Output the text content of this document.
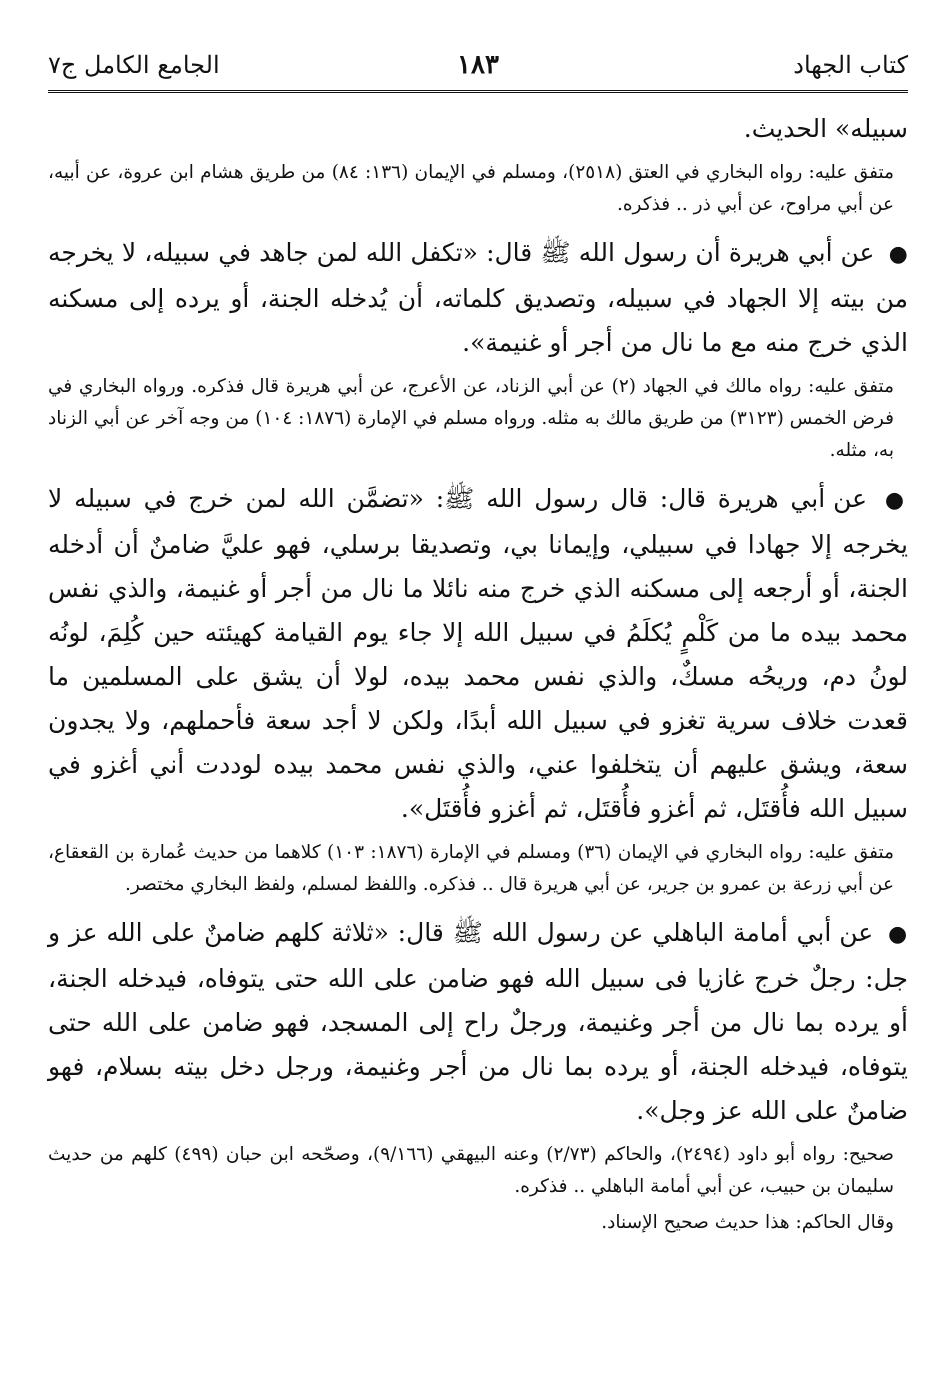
كتاب الجهاد
١٨٣
الجامع الكامل ج٧

سبيله» الحديث.

متفق عليه: رواه البخاري في العتق (٢٥١٨)، ومسلم في الإيمان (١٣٦: ٨٤) من طريق هشام ابن عروة، عن أبيه، عن أبي مراوح، عن أبي ذر .. فذكره.

● عن أبي هريرة أن رسول الله ﷺ قال: «تكفل الله لمن جاهد في سبيله، لا يخرجه من بيته إلا الجهاد في سبيله، وتصديق كلماته، أن يُدخله الجنة، أو يرده إلى مسكنه الذي خرج منه مع ما نال من أجر أو غنيمة».

متفق عليه: رواه مالك في الجهاد (٢) عن أبي الزناد، عن الأعرج، عن أبي هريرة قال فذكره. ورواه البخاري في فرض الخمس (٣١٢٣) من طريق مالك به مثله. ورواه مسلم في الإمارة (١٨٧٦: ١٠٤) من وجه آخر عن أبي الزناد به، مثله.

● عن أبي هريرة قال: قال رسول الله ﷺ: «تضمَّن الله لمن خرج في سبيله لا يخرجه إلا جهادا في سبيلي، وإيمانا بي، وتصديقا برسلي، فهو عليَّ ضامنٌ أن أدخله الجنة، أو أرجعه إلى مسكنه الذي خرج منه نائلا ما نال من أجر أو غنيمة، والذي نفس محمد بيده ما من كَلْمٍ يُكلَمُ في سبيل الله إلا جاء يوم القيامة كهيئته حين كُلِمَ، لونُه لونُ دم، وريحُه مسكٌ، والذي نفس محمد بيده، لولا أن يشق على المسلمين ما قعدت خلاف سرية تغزو في سبيل الله أبدًا، ولكن لا أجد سعة فأحملهم، ولا يجدون سعة، ويشق عليهم أن يتخلفوا عني، والذي نفس محمد بيده لوددت أني أغزو في سبيل الله فأُقتَل، ثم أغزو فأُقتَل، ثم أغزو فأُقتَل».

متفق عليه: رواه البخاري في الإيمان (٣٦) ومسلم في الإمارة (١٨٧٦: ١٠٣) كلاهما من حديث عُمارة بن القعقاع، عن أبي زرعة بن عمرو بن جرير، عن أبي هريرة قال .. فذكره. واللفظ لمسلم، ولفظ البخاري مختصر.

● عن أبي أمامة الباهلي عن رسول الله ﷺ قال: «ثلاثة كلهم ضامنٌ على الله عز و جل: رجلٌ خرج غازيا فى سبيل الله فهو ضامن على الله حتى يتوفاه، فيدخله الجنة، أو يرده بما نال من أجر وغنيمة، ورجلٌ راح إلى المسجد، فهو ضامن على الله حتى يتوفاه، فيدخله الجنة، أو يرده بما نال من أجر وغنيمة، ورجل دخل بيته بسلام، فهو ضامنٌ على الله عز وجل».

صحيح: رواه أبو داود (٢٤٩٤)، والحاكم (٢/٧٣) وعنه البيهقي (٩/١٦٦)، وصحّحه ابن حبان (٤٩٩) كلهم من حديث سليمان بن حبيب، عن أبي أمامة الباهلي .. فذكره.

وقال الحاكم: هذا حديث صحيح الإسناد.
